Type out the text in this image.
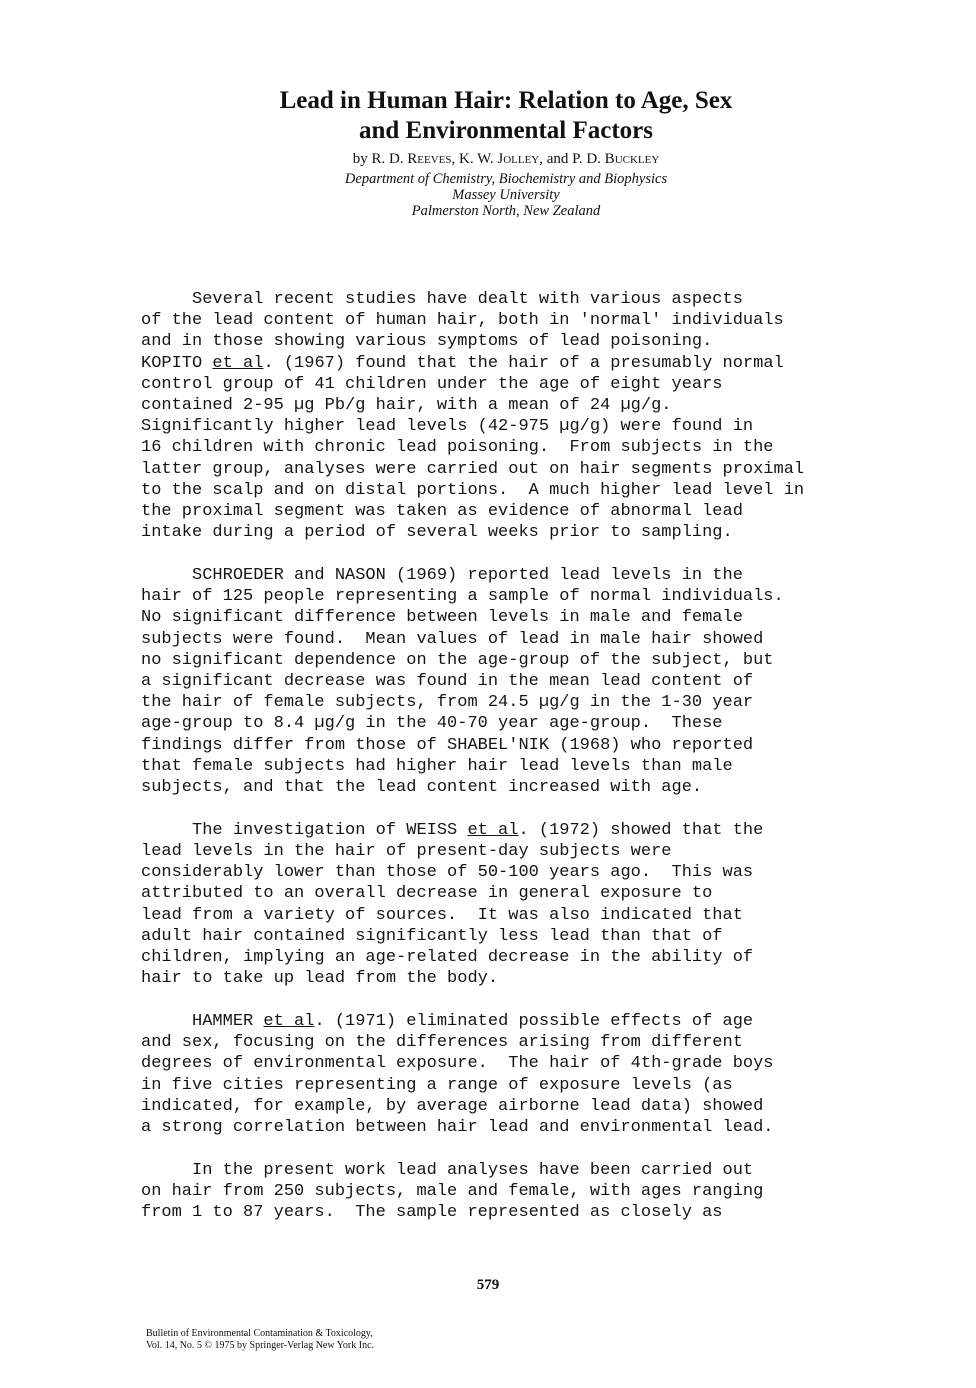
Lead in Human Hair: Relation to Age, Sex
and Environmental Factors
by R. D. Reeves, K. W. Jolley, and P. D. Buckley
Department of Chemistry, Biochemistry and Biophysics
Massey University
Palmerston North, New Zealand
Several recent studies have dealt with various aspects
of the lead content of human hair, both in 'normal' individuals
and in those showing various symptoms of lead poisoning.
KOPITO et al. (1967) found that the hair of a presumably normal
control group of 41 children under the age of eight years
contained 2-95 µg Pb/g hair, with a mean of 24 µg/g.
Significantly higher lead levels (42-975 µg/g) were found in
16 children with chronic lead poisoning.  From subjects in the
latter group, analyses were carried out on hair segments proximal
to the scalp and on distal portions.  A much higher lead level in
the proximal segment was taken as evidence of abnormal lead
intake during a period of several weeks prior to sampling.
SCHROEDER and NASON (1969) reported lead levels in the
hair of 125 people representing a sample of normal individuals.
No significant difference between levels in male and female
subjects were found.  Mean values of lead in male hair showed
no significant dependence on the age-group of the subject, but
a significant decrease was found in the mean lead content of
the hair of female subjects, from 24.5 µg/g in the 1-30 year
age-group to 8.4 µg/g in the 40-70 year age-group.  These
findings differ from those of SHABEL'NIK (1968) who reported
that female subjects had higher hair lead levels than male
subjects, and that the lead content increased with age.
The investigation of WEISS et al. (1972) showed that the
lead levels in the hair of present-day subjects were
considerably lower than those of 50-100 years ago.  This was
attributed to an overall decrease in general exposure to
lead from a variety of sources.  It was also indicated that
adult hair contained significantly less lead than that of
children, implying an age-related decrease in the ability of
hair to take up lead from the body.
HAMMER et al. (1971) eliminated possible effects of age
and sex, focusing on the differences arising from different
degrees of environmental exposure.  The hair of 4th-grade boys
in five cities representing a range of exposure levels (as
indicated, for example, by average airborne lead data) showed
a strong correlation between hair lead and environmental lead.
In the present work lead analyses have been carried out
on hair from 250 subjects, male and female, with ages ranging
from 1 to 87 years.  The sample represented as closely as
579
Bulletin of Environmental Contamination & Toxicology,
Vol. 14, No. 5 © 1975 by Springer-Verlag New York Inc.
